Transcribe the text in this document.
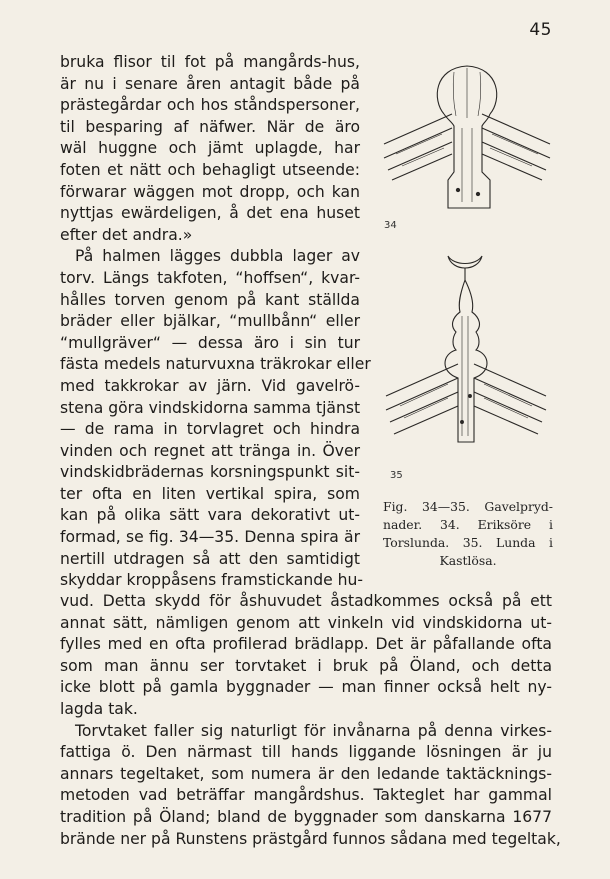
45
bruka flisor til fot på mangårds-hus,
är nu i senare åren antagit både på
prästegårdar och hos ståndspersoner,
til besparing af näfwer. När de äro
wäl huggne och jämt uplagde, har
foten et nätt och behagligt utseende:
förwarar wäggen mot dropp, och kan
nyttjas ewärdeligen, å det ena huset
efter det andra.»
På halmen lägges dubbla lager av
torv. Längs takfoten, “hoffsen“, kvar-
hålles torven genom på kant ställda
bräder eller bjälkar, “mullbånn“ eller
“mullgräver“ — dessa äro i sin tur
fästa medels naturvuxna träkrokar eller
med takkrokar av järn. Vid gavelrö-
stena göra vindskidorna samma tjänst
— de rama in torvlagret och hindra
vinden och regnet att tränga in. Över
vindskidbrädernas korsningspunkt sit-
ter ofta en liten vertikal spira, som
kan på olika sätt vara dekorativt ut-
formad, se fig. 34—35. Denna spira är
nertill utdragen så att den samtidigt
skyddar kroppåsens framstickande hu-
vud. Detta skydd för åshuvudet åstadkommes också på ett
annat sätt, nämligen genom att vinkeln vid vindskidorna ut-
fylles med en ofta profilerad brädlapp. Det är påfallande ofta
som man ännu ser torvtaket i bruk på Öland, och detta
icke blott på gamla byggnader — man finner också helt ny-
lagda tak.
Torvtaket faller sig naturligt för invånarna på denna virkes-
fattiga ö. Den närmast till hands liggande lösningen är ju
annars tegeltaket, som numera är den ledande taktäcknings-
metoden vad beträffar mangårdshus. Takteglet har gammal
tradition på Öland; bland de byggnader som danskarna 1677
brände ner på Runstens prästgård funnos sådana med tegeltak,
34
35
Fig. 34—35. Gavelpryd-
nader. 34. Eriksöre i
Torslunda. 35. Lunda i
Kastlösa.
